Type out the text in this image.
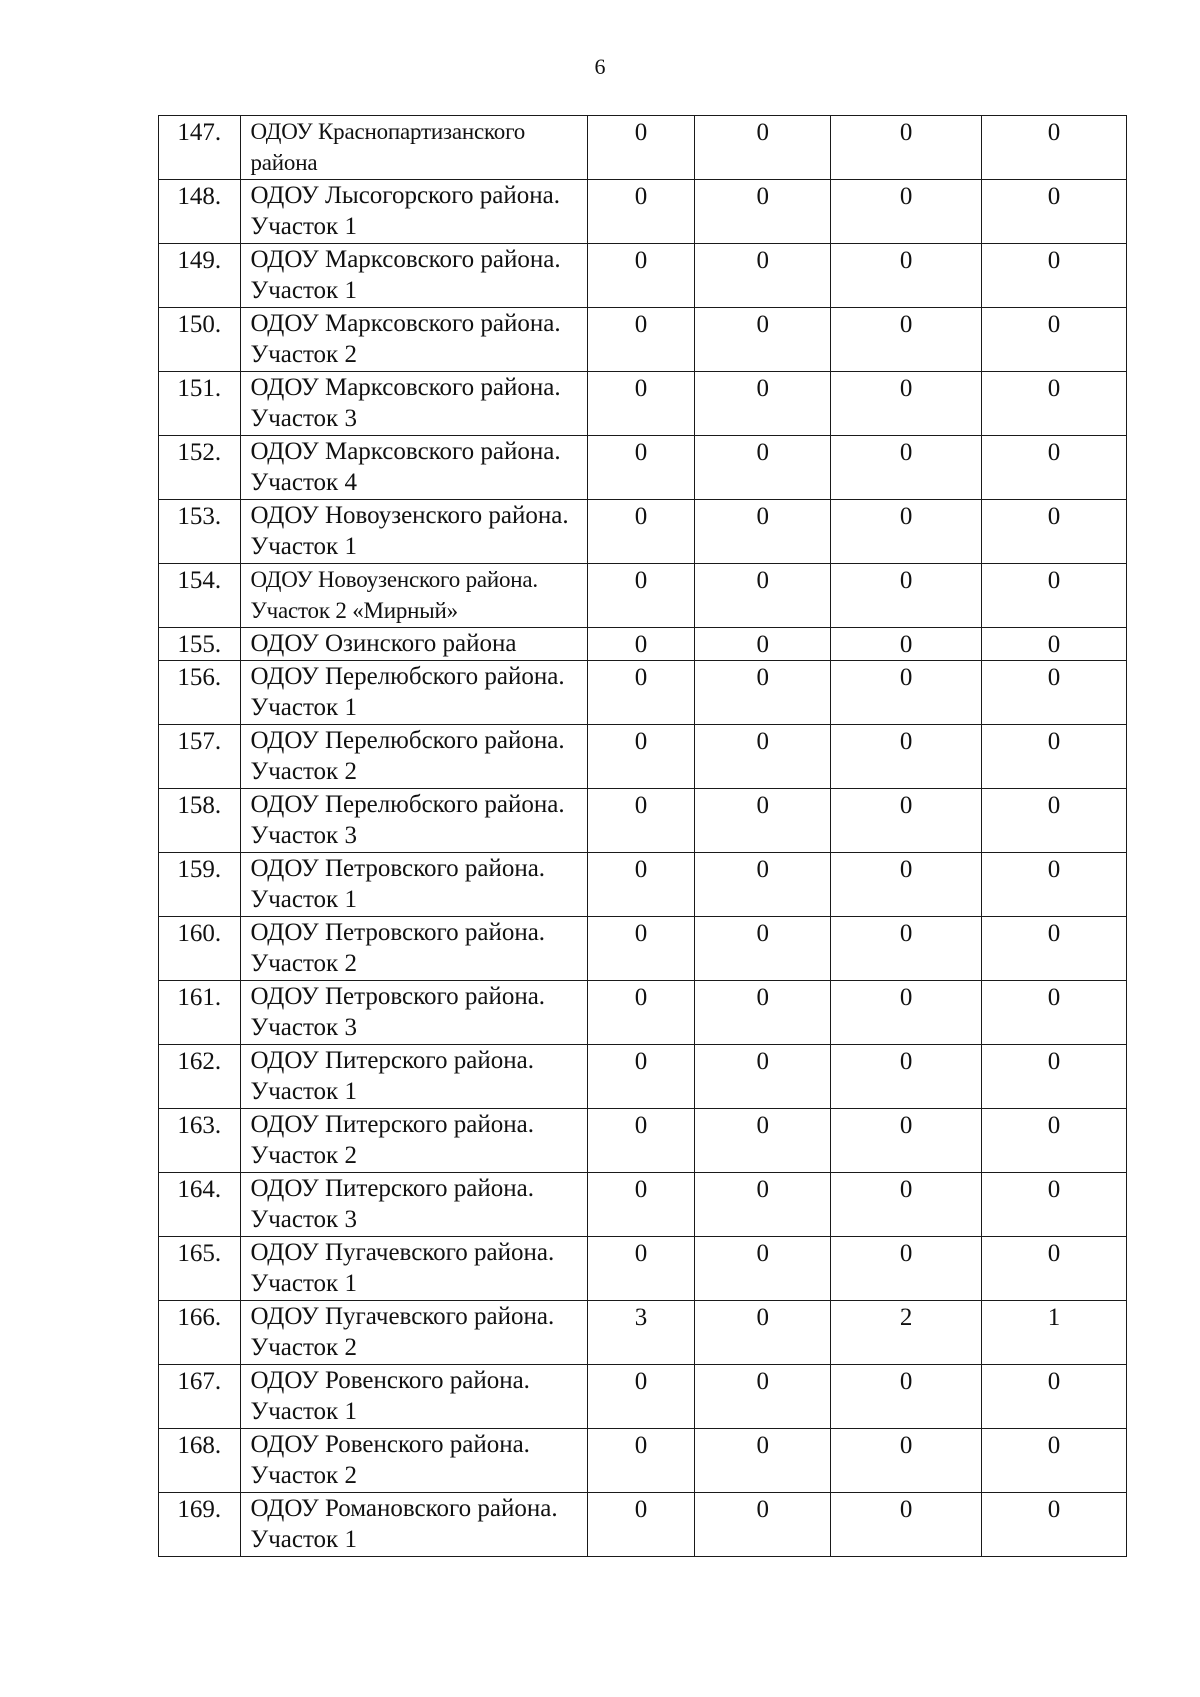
6
147.	ОДОУ Краснопартизанского района	0	0	0	0
148.	ОДОУ Лысогорского района. Участок 1	0	0	0	0
149.	ОДОУ Марксовского района. Участок 1	0	0	0	0
150.	ОДОУ Марксовского района. Участок 2	0	0	0	0
151.	ОДОУ Марксовского района. Участок 3	0	0	0	0
152.	ОДОУ Марксовского района. Участок 4	0	0	0	0
153.	ОДОУ Новоузенского района. Участок 1	0	0	0	0
154.	ОДОУ Новоузенского района. Участок 2 «Мирный»	0	0	0	0
155.	ОДОУ Озинского района	0	0	0	0
156.	ОДОУ Перелюбского района. Участок 1	0	0	0	0
157.	ОДОУ Перелюбского района. Участок 2	0	0	0	0
158.	ОДОУ Перелюбского района. Участок 3	0	0	0	0
159.	ОДОУ Петровского района. Участок 1	0	0	0	0
160.	ОДОУ Петровского района. Участок 2	0	0	0	0
161.	ОДОУ Петровского района. Участок 3	0	0	0	0
162.	ОДОУ Питерского района. Участок 1	0	0	0	0
163.	ОДОУ Питерского района. Участок 2	0	0	0	0
164.	ОДОУ Питерского района. Участок 3	0	0	0	0
165.	ОДОУ Пугачевского района. Участок 1	0	0	0	0
166.	ОДОУ Пугачевского района. Участок 2	3	0	2	1
167.	ОДОУ Ровенского района. Участок 1	0	0	0	0
168.	ОДОУ Ровенского района. Участок 2	0	0	0	0
169.	ОДОУ Романовского района. Участок 1	0	0	0	0
